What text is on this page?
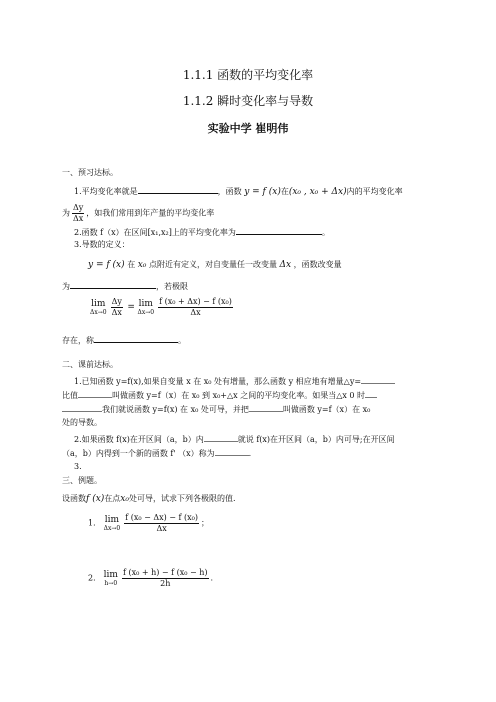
1.1.1 函数的平均变化率
1.1.2 瞬时变化率与导数
实验中学 崔明伟
一、预习达标。
1.平均变化率就是	，函数 y = f (x)在(x₀ , x₀ + Δx)内的平均变化率
为 $\frac{\Delta y}{\Delta x}$ ，如我们常用到年产量的平均变化率
2.函数 f（x）在区间[x₁,x₂]上的平均变化率为	。
3.导数的定义：
y = f (x) 在 x₀ 点附近有定义，对自变量任一改变量 Δx ，函数改变量
为	，若极限
lim
$\Delta x\to 0 \frac{\Delta y}{\Delta x} = \lim$
$\Delta x\to 0 \frac{\text{f (x₀ + Δx) − f (x₀)}}{\Delta x}$
存在，称	。
二、课前达标。
1.已知函数 y=f(x),如果自变量 x 在 x₀ 处有增量，那么函数 y 相应地有增量△y=
比值	叫做函数 y=f（x）在 x₀ 到 x₀+△x 之间的平均变化率。如果当△x 0 时
我们就说函数 y=f(x) 在 x₀ 处可导，并把	叫做函数 y=f（x）在 x₀
处的导数。
2.如果函数 f(x)在开区间（a，b）内	就说 f(x)在开区间（a，b）内可导;在开区间
（a，b）内得到一个新的函数 f' （x）称为	.
3.
三、例题。
设函数f (x)在点x₀处可导，试求下列各极限的值.
1． lim
$\Delta x\to 0 \frac{\text{f (x₀ − Δx) − f (x₀)}}{\Delta x}$ ；
2． lim
$h\to 0 \frac{\text{f (x₀ + h) − f (x₀ − h)}}{2h}$ .
